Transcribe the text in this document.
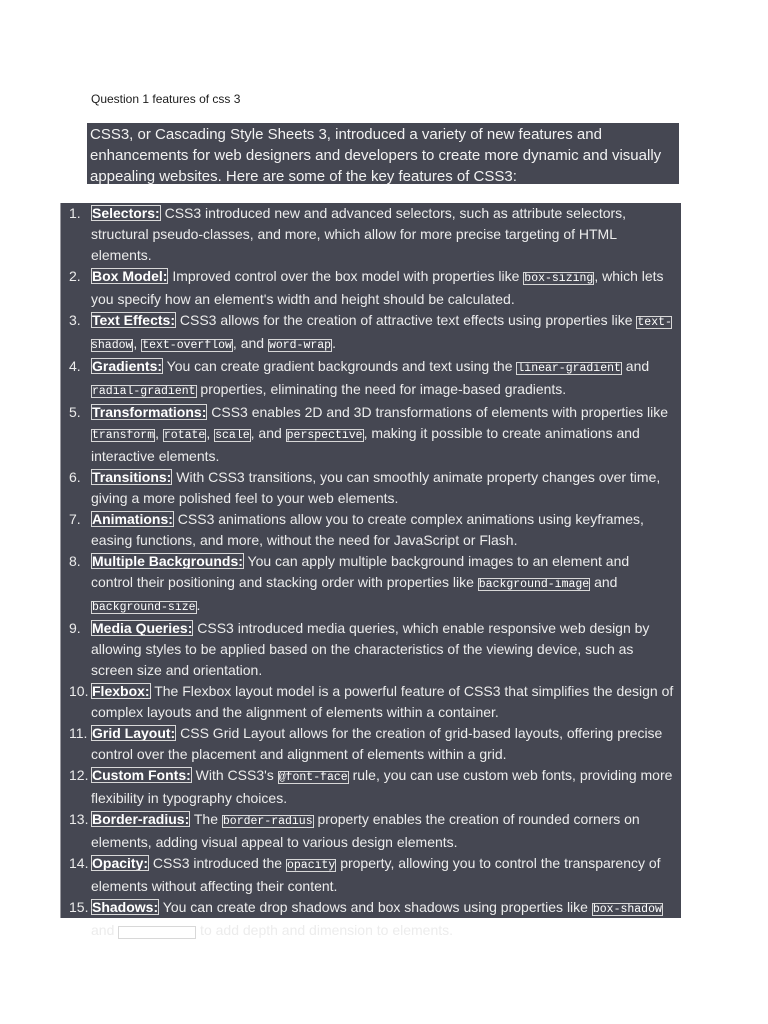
Question 1 features of css 3
CSS3, or Cascading Style Sheets 3, introduced a variety of new features and enhancements for web designers and developers to create more dynamic and visually appealing websites. Here are some of the key features of CSS3:
1. Selectors: CSS3 introduced new and advanced selectors, such as attribute selectors, structural pseudo-classes, and more, which allow for more precise targeting of HTML elements.
2. Box Model: Improved control over the box model with properties like box-sizing, which lets you specify how an element's width and height should be calculated.
3. Text Effects: CSS3 allows for the creation of attractive text effects using properties like text-shadow, text-overflow, and word-wrap.
4. Gradients: You can create gradient backgrounds and text using the linear-gradient and radial-gradient properties, eliminating the need for image-based gradients.
5. Transformations: CSS3 enables 2D and 3D transformations of elements with properties like transform, rotate, scale, and perspective, making it possible to create animations and interactive elements.
6. Transitions: With CSS3 transitions, you can smoothly animate property changes over time, giving a more polished feel to your web elements.
7. Animations: CSS3 animations allow you to create complex animations using keyframes, easing functions, and more, without the need for JavaScript or Flash.
8. Multiple Backgrounds: You can apply multiple background images to an element and control their positioning and stacking order with properties like background-image and background-size.
9. Media Queries: CSS3 introduced media queries, which enable responsive web design by allowing styles to be applied based on the characteristics of the viewing device, such as screen size and orientation.
10. Flexbox: The Flexbox layout model is a powerful feature of CSS3 that simplifies the design of complex layouts and the alignment of elements within a container.
11. Grid Layout: CSS Grid Layout allows for the creation of grid-based layouts, offering precise control over the placement and alignment of elements within a grid.
12. Custom Fonts: With CSS3's @font-face rule, you can use custom web fonts, providing more flexibility in typography choices.
13. Border-radius: The border-radius property enables the creation of rounded corners on elements, adding visual appeal to various design elements.
14. Opacity: CSS3 introduced the opacity property, allowing you to control the transparency of elements without affecting their content.
15. Shadows: You can create drop shadows and box shadows using properties like box-shadow and text-shadow to add depth and dimension to elements.
